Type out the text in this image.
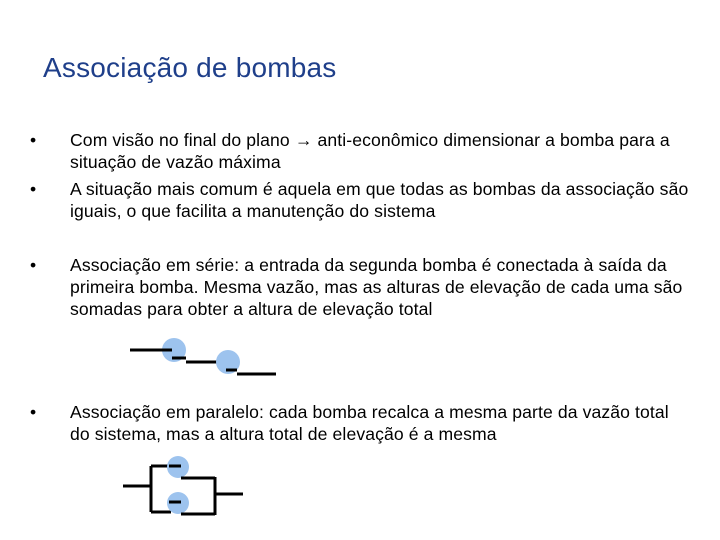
Associação de bombas
• Com visão no final do plano → anti-econômico dimensionar a bomba para a situação de vazão máxima
• A situação mais comum é aquela em que todas as bombas da associação são iguais, o que facilita a manutenção do sistema
• Associação em série: a entrada da segunda bomba é conectada à saída da primeira bomba. Mesma vazão, mas as alturas de elevação de cada uma são somadas para obter a altura de elevação total
• Associação em paralelo: cada bomba recalca a mesma parte da vazão total do sistema, mas a altura total de elevação é a mesma
